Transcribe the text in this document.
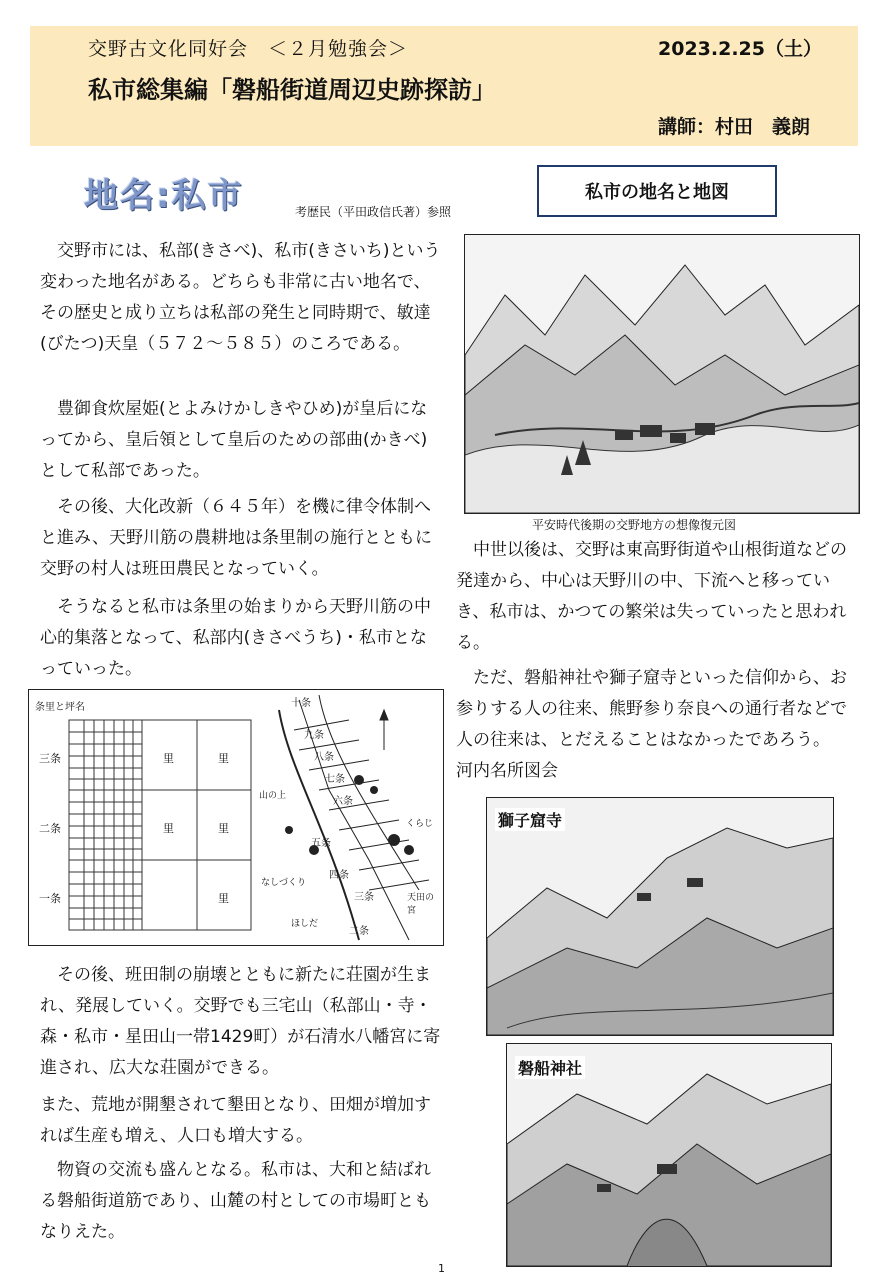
交野古文化同好会　＜２月勉強会＞	2023.2.25（土）
私市総集編「磐船街道周辺史跡探訪」
講師：村田　義朗
地名:私市	考歴民（平田政信氏著）参照
私市の地名と地図
　交野市には、私部(きさべ)、私市(きさいち)という変わった地名がある。どちらも非常に古い地名で、その歴史と成り立ちは私部の発生と同時期で、敏達(びたつ)天皇（５７２～５８５）のころである。
　豊御食炊屋姫(とよみけかしきやひめ)が皇后になってから、皇后領として皇后のための部曲(かきべ)として私部であった。
　その後、大化改新（６４５年）を機に律令体制へと進み、天野川筋の農耕地は条里制の施行とともに交野の村人は班田農民となっていく。
　そうなると私市は条里の始まりから天野川筋の中心的集落となって、私部内(きさべうち)・私市となっていった。
条里と坪名
三条
二条
一条
里	里
里	里
里
十条
九条
八条
七条
六条
五条
四条
三条
二条
くらじ
山の上
天田の宮
なしづくり
ほしだ
　その後、班田制の崩壊とともに新たに荘園が生まれ、発展していく。交野でも三宅山（私部山・寺・森・私市・星田山一帯1429町）が石清水八幡宮に寄進され、広大な荘園ができる。
また、荒地が開墾されて墾田となり、田畑が増加すれば生産も増え、人口も増大する。
　物資の交流も盛んとなる。私市は、大和と結ばれる磐船街道筋であり、山麓の村としての市場町ともなりえた。
平安時代後期の交野地方の想像復元図
　中世以後は、交野は東高野街道や山根街道などの発達から、中心は天野川の中、下流へと移っていき、私市は、かつての繁栄は失っていったと思われる。
　ただ、磐船神社や獅子窟寺といった信仰から、お参りする人の往来、熊野参り奈良への通行者などで人の往来は、とだえることはなかったであろう。　　　河内名所図会
獅子窟寺
磐船神社
1
